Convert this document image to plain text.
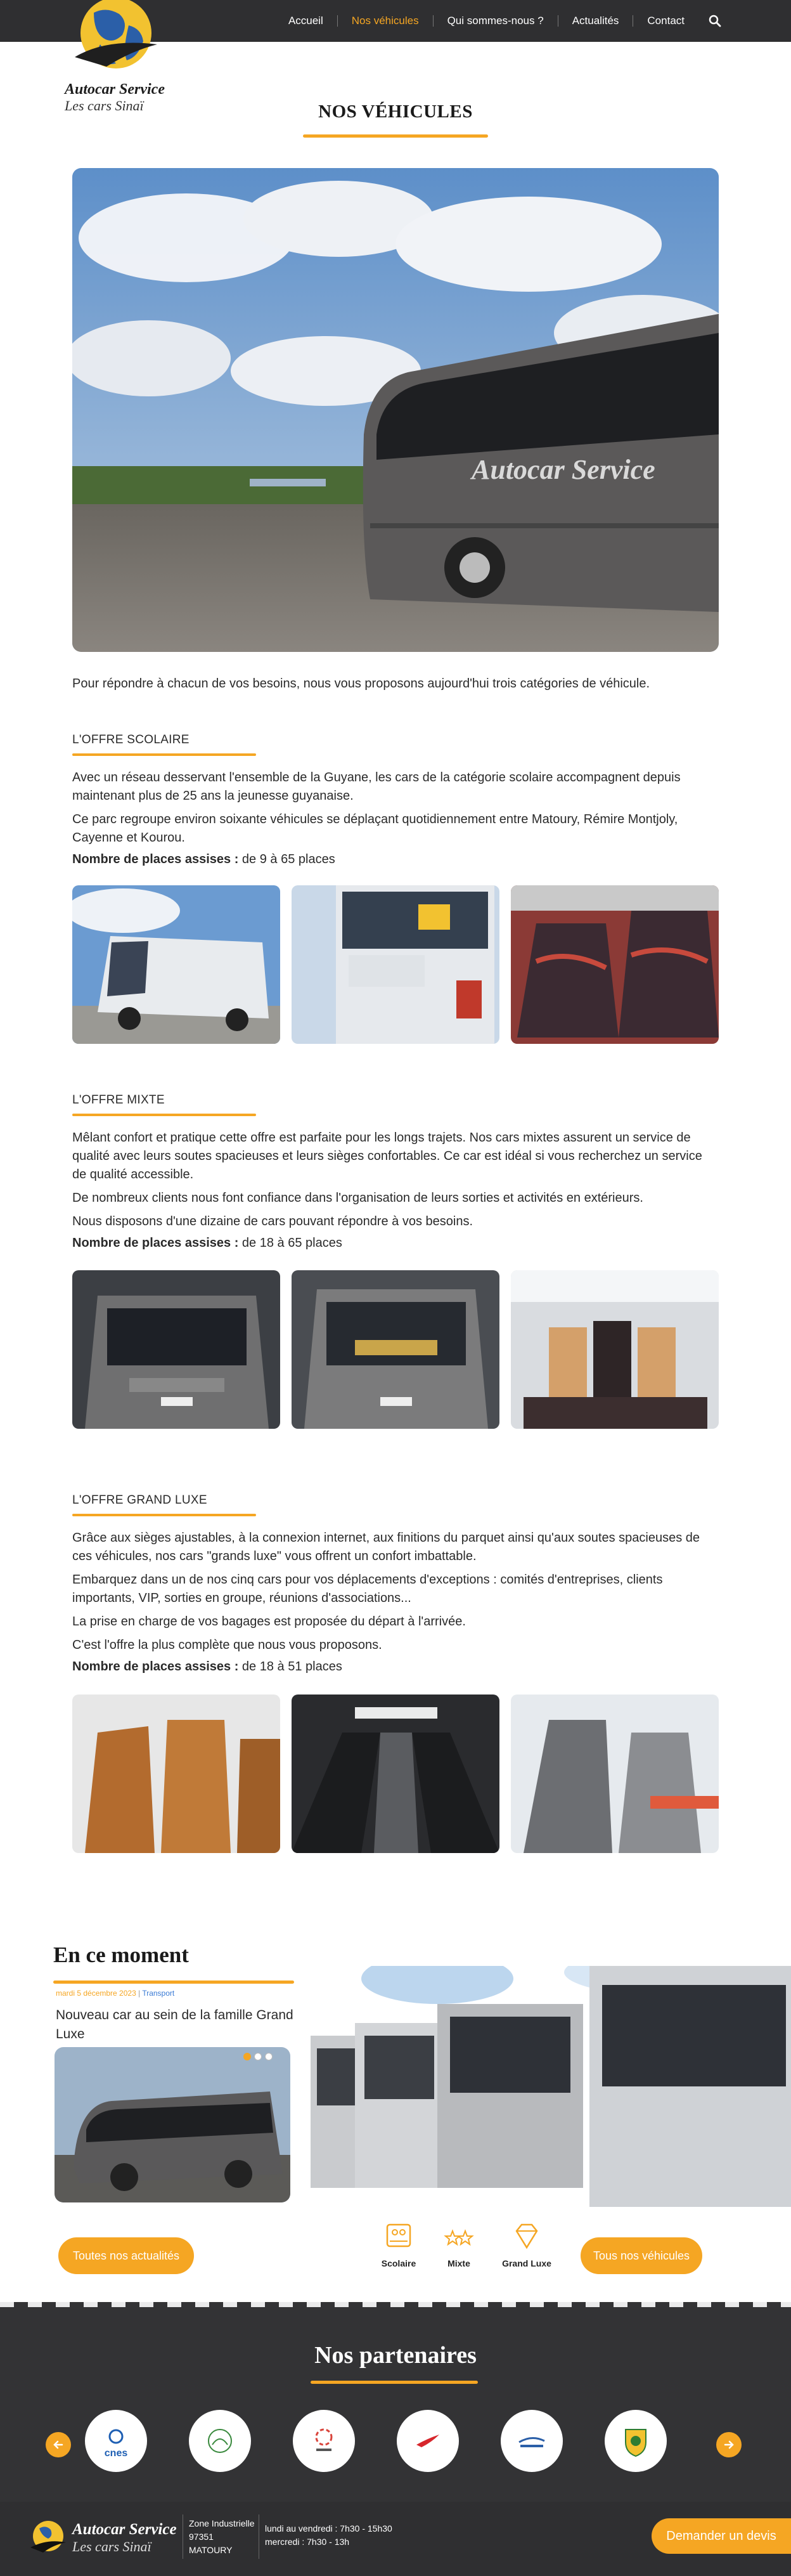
Accueil	Nos véhicules	Qui sommes-nous ?	Actualités	Contact
Autocar Service
Les cars Sinaï	NOS VÉHICULES
Autocar Service

Pour répondre à chacun de vos besoins, nous vous proposons aujourd'hui trois catégories de véhicule.

L'OFFRE SCOLAIRE

Avec un réseau desservant l'ensemble de la Guyane, les cars de la catégorie scolaire accompagnent depuis maintenant plus de 25 ans la jeunesse guyanaise.

Ce parc regroupe environ soixante véhicules se déplaçant quotidiennement entre Matoury, Rémire Montjoly, Cayenne et Kourou.

Nombre de places assises : de 9 à 65 places

L'OFFRE MIXTE

Mêlant confort et pratique cette offre est parfaite pour les longs trajets. Nos cars mixtes assurent un service de qualité avec leurs soutes spacieuses et leurs sièges confortables. Ce car est idéal si vous recherchez un service de qualité accessible.

De nombreux clients nous font confiance dans l'organisation de leurs sorties et activités en extérieurs.

Nous disposons d'une dizaine de cars pouvant répondre à vos besoins.

Nombre de places assises : de 18 à 65 places

L'OFFRE GRAND LUXE

Grâce aux sièges ajustables, à la connexion internet, aux finitions du parquet ainsi qu'aux soutes spacieuses de ces véhicules, nos cars "grands luxe" vous offrent un confort imbattable.

Embarquez dans un de nos cinq cars pour vos déplacements d'exceptions : comités d'entreprises, clients importants, VIP, sorties en groupe, réunions d'associations...

La prise en charge de vos bagages est proposée du départ à l'arrivée.

C'est l'offre la plus complète que nous vous proposons.

Nombre de places assises : de 18 à 51 places

En ce moment
mardi 5 décembre 2023 | Transport
Nouveau car au sein de la famille Grand Luxe
Scolaire	Mixte	Grand Luxe
Toutes nos actualités	Tous nos véhicules
Nos partenaires
cnes
Autocar Service
Les cars Sinaï
Zone Industrielle
97351
MATOURY
lundi au vendredi : 7h30 - 15h30
mercredi : 7h30 - 13h	Demander un devis
